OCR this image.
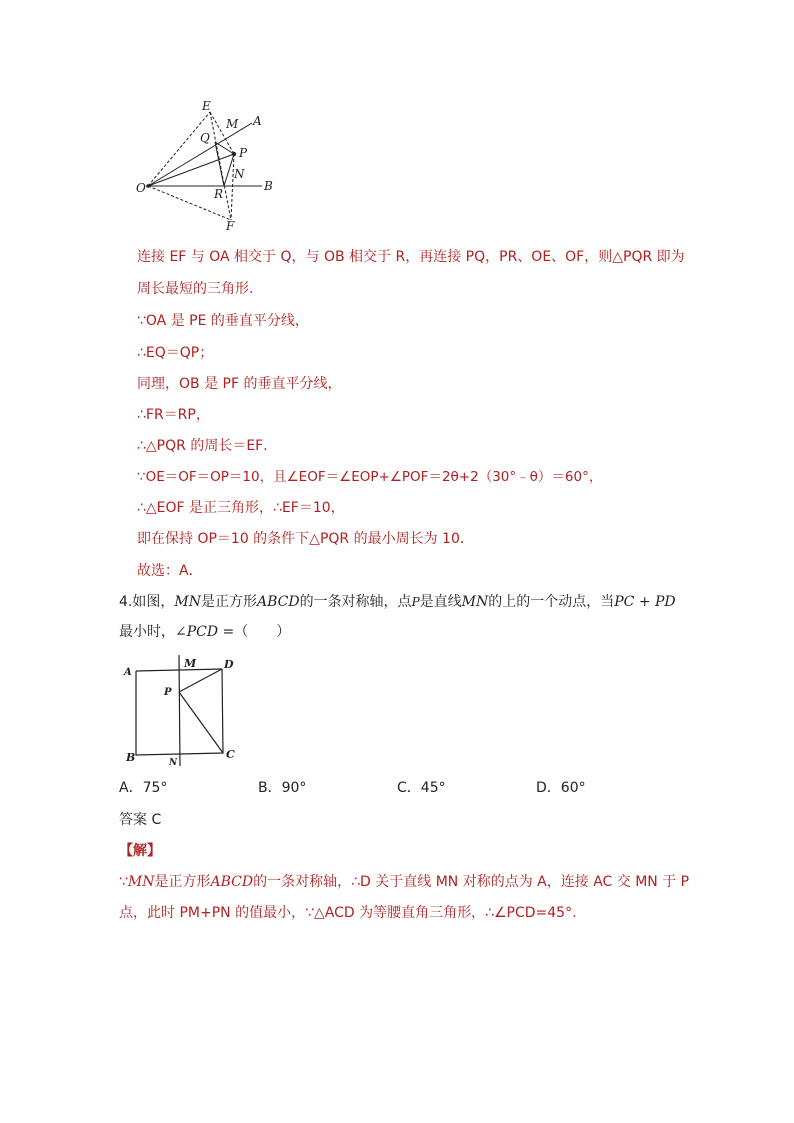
E
M A
Q
P
N
O	B
R
F
连接 EF 与 OA 相交于 Q，与 OB 相交于 R，再连接 PQ，PR、OE、OF，则△PQR 即为
周长最短的三角形．
∵OA 是 PE 的垂直平分线，
∴EQ＝QP；
同理，OB 是 PF 的垂直平分线，
∴FR＝RP，
∴△PQR 的周长＝EF．
∵OE＝OF＝OP＝10，且∠EOF＝∠EOP+∠POF＝2θ+2（30°﹣θ）＝60°，
∴△EOF 是正三角形，∴EF＝10，
即在保持 OP＝10 的条件下△PQR 的最小周长为 10．
故选：A．
4.如图，MN是正方形ABCD的一条对称轴，点P是直线MN的上的一个动点，当PC + PD
最小时，∠PCD =（　　）
A
M	D
P
B	N
C
A．75°	B．90°	C．45°	D．60°
答案 C
【解】
∵MN是正方形ABCD的一条对称轴，∴D 关于直线 MN 对称的点为 A，连接 AC 交 MN 于 P
点，此时 PM+PN 的值最小，∵△ACD 为等腰直角三角形，∴∠PCD=45°.
